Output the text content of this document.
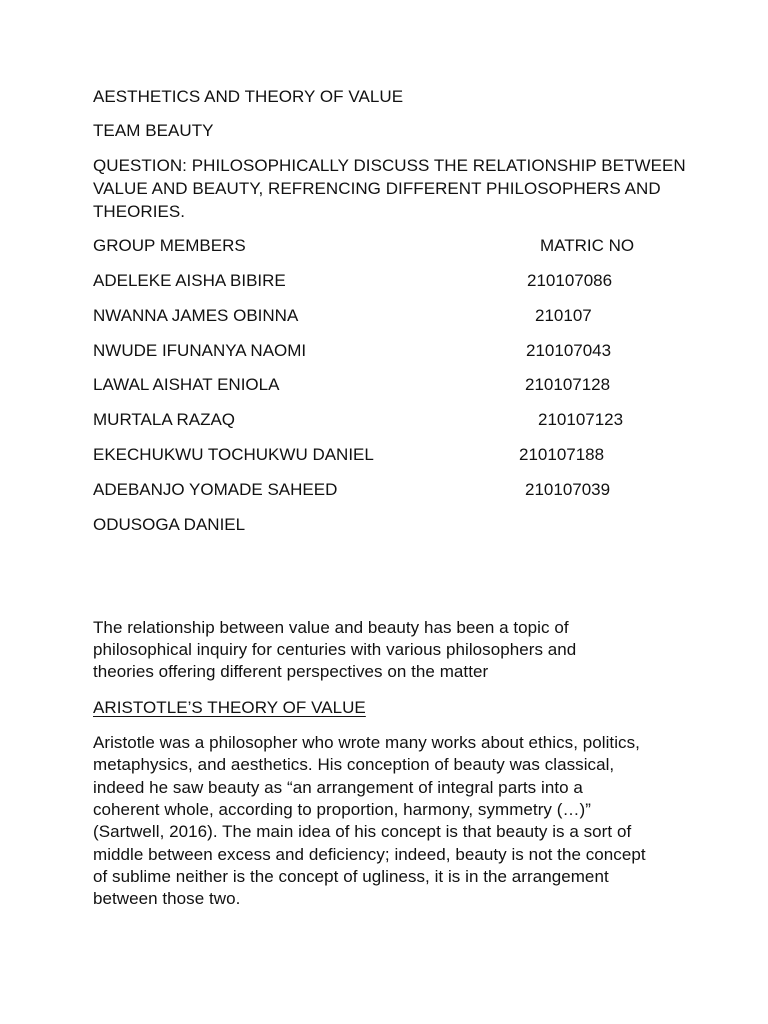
AESTHETICS AND THEORY OF VALUE
TEAM BEAUTY
QUESTION: PHILOSOPHICALLY DISCUSS THE RELATIONSHIP BETWEEN
VALUE AND BEAUTY, REFRENCING DIFFERENT PHILOSOPHERS AND
THEORIES.
GROUP MEMBERS	MATRIC NO
ADELEKE AISHA BIBIRE	210107086
NWANNA JAMES OBINNA	210107
NWUDE IFUNANYA NAOMI	210107043
LAWAL AISHAT ENIOLA	210107128
MURTALA RAZAQ	210107123
EKECHUKWU TOCHUKWU DANIEL	210107188
ADEBANJO YOMADE SAHEED	210107039
ODUSOGA DANIEL
The relationship between value and beauty has been a topic of
philosophical inquiry for centuries with various philosophers and
theories offering different perspectives on the matter
ARISTOTLE’S THEORY OF VALUE
Aristotle was a philosopher who wrote many works about ethics, politics,
metaphysics, and aesthetics. His conception of beauty was classical,
indeed he saw beauty as “an arrangement of integral parts into a
coherent whole, according to proportion, harmony, symmetry (…)”
(Sartwell, 2016). The main idea of his concept is that beauty is a sort of
middle between excess and deficiency; indeed, beauty is not the concept
of sublime neither is the concept of ugliness, it is in the arrangement
between those two.
